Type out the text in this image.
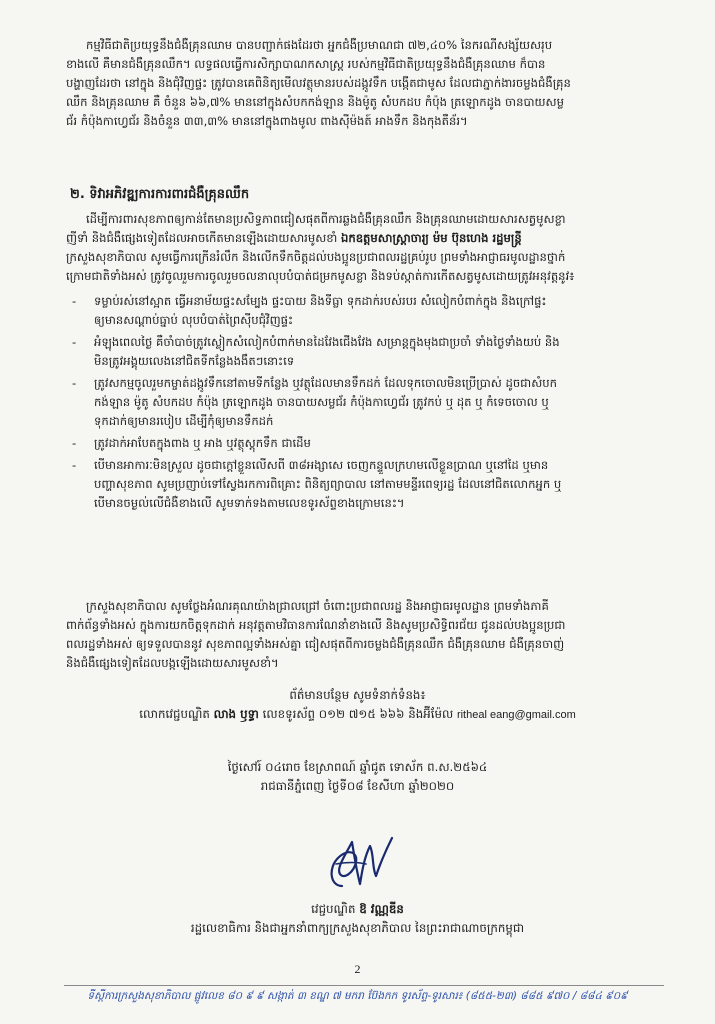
កម្មវិធីជាតិប្រយុទ្ធនឹងជំងឺគ្រុនឈាម បានបញ្ជាក់ផងដែរថា អ្នកជំងឺប្រមាណជា ៧២,៤០% នៃករណីសង្ស័យសរុប
ខាងលើ គឺមានជំងឺគ្រុនឈឹក។ លទ្ធផលធ្វើការសិក្សាបាណកសាស្ត្រ របស់កម្មវិធីជាតិប្រយុទ្ធនឹងជំងឺគ្រុនឈាម ក៏បាន
បង្ហាញដែរថា នៅក្នុង និងជុំវិញផ្ទះ ត្រូវបានគេពិនិត្យមើលវត្ថុមានរបស់ដង្កូវទឹក បង្កើតជាមូស ដែលជាភ្នាក់ងារចម្លងជំងឺគ្រុន
ឈឹក និងគ្រុនឈាម គឺ ចំនួន ៦៦,៧% មាននៅក្នុងសំបកកង់ឡាន និងម៉ូតូ សំបកដប កំប៉ុង ត្រឡោកដូង ចានបាយសម្ល
ជ័រ កំប៉ុងកាហ្វេជ័រ និងចំនួន ៣៣,៣% មាននៅក្នុងពាងមូល ពាងស៊ីម៉ងត៍ អាងទឹក និងកុងតឺន័រ។
២. ទិវាអភិវឌ្ឍការការពារជំងឺគ្រុនឈឹក
ដើម្បីការពារសុខភាពឲ្យកាន់តែមានប្រសិទ្ធភាពជៀសផុតពីការឆ្លងជំងឺគ្រុនឈឹក និងគ្រុនឈាមដោយសារសត្វមូសខ្លា
ញីទាំ និងជំងឺផ្សេងទៀតដែលអាចកើតមានឡើងដោយសារមូសខាំ ឯកឧត្តមសាស្ត្រាចារ្យ ម៉ម ប៊ុនហេង រដ្ឋមន្ត្រី
ក្រសួងសុខាភិបាល សូមធ្វើការក្រើនរំលឹក និងលើកទឹកចិត្តដល់បងប្អូនប្រជាពលរដ្ឋគ្រប់រូប ព្រមទាំងអាជ្ញាធរមូលដ្ឋានថ្នាក់
ក្រោមជាតិទាំងអស់ ត្រូវចូលរួមការចូលរួមចលនាលុបបំបាត់ជម្រកមូសខ្លា និងទប់ស្កាត់ការកើតសត្វមូសដោយត្រូវអនុវត្តនូវ៖
-	ទម្លាប់រស់នៅស្អាត ធ្វើអនាម័យផ្ទះសម្បែង ផ្ទះបាយ និងទីធ្លា ទុកដាក់របស់របរ សំលៀកបំពាក់ក្នុង និងក្រៅផ្ទះ
ឲ្យមានសណ្តាប់ធ្នាប់ លុបបំបាត់ព្រៃស៊ីបជុំវិញផ្ទះ
-	អំឡុងពេលថ្ងៃ គឺចាំបាច់ត្រូវស្លៀកសំលៀកបំពាក់មានដៃវែងជើងវែង សម្រាន្តក្នុងមុងជាប្រចាំ ទាំងថ្ងៃទាំងយប់ និង
មិនត្រូវអង្គុយលេងនៅជិតទីកន្លែងងងឹតៗនោះទេ
-	ត្រូវសកម្មចូលរួមកម្ចាត់ដង្កូវទឹកនៅតាមទីកន្លែង ឬវត្ថុដែលមានទឹកដក់ ដែលទុកចោលមិនប្រើប្រាស់ ដូចជាសំបក
កង់ឡាន ម៉ូតូ សំបកដប កំប៉ុង ត្រឡោកដូង ចានបាយសម្លជ័រ កំប៉ុងកាហ្វេជ័រ ត្រូវកប់ ឬ ដុត ឬ កំទេចចោល ឬ
ទុកដាក់ឲ្យមានរបៀប ដើម្បីកុំឲ្យមានទឹកដក់
-	ត្រូវដាក់អាបែតក្នុងពាង ឬ អាង ឬវត្ថុស្តុកទឹក ជាដើម
-	បើមានអាការៈមិនស្រួល ដូចជាក្តៅខ្លួនលើសពី ៣៨អង្សាសេ ចេញកន្ទួលក្រហមលើខ្លួនប្រាណ ឬនៅដៃ ឬមាន
បញ្ហាសុខភាព សូមប្រញាប់ទៅស្វែងរកការពិគ្រោះ ពិនិត្យព្យាបាល នៅតាមមន្ទីរពេទ្យរដ្ឋ ដែលនៅជិតលោកអ្នក ឬ
បើមានចម្ងល់លើជំងឺខាងលើ សូមទាក់ទងតាមលេខទូរស័ព្ទខាងក្រោមនេះ។
ក្រសួងសុខាភិបាល សូមថ្លែងអំណរគុណយ៉ាងជ្រាលជ្រៅ ចំពោះប្រជាពលរដ្ឋ និងអាជ្ញាធរមូលដ្ឋាន ព្រមទាំងភាគី
ពាក់ព័ន្ធទាំងអស់ ក្នុងការយកចិត្តទុកដាក់ អនុវត្តតាមវិធានការណែនាំខាងលើ និងសូមប្រសិទ្ធិពរជ័យ ជូនដល់បងប្អូនប្រជា
ពលរដ្ឋទាំងអស់ ឲ្យទទួលបាននូវ សុខភាពល្អទាំងអស់គ្នា ជៀសផុតពីការចម្លងជំងឺគ្រុនឈឹក ជំងឺគ្រុនឈាម ជំងឺគ្រុនចាញ់
និងជំងឺផ្សេងទៀតដែលបង្កឡើងដោយសារមូសខាំ។
ព័ត៌មានបន្ថែម សូមទំនាក់ទំនង៖
លោកវេជ្ជបណ្ឌិត លាង ឫទ្ធា លេខទូរស័ព្ទ ០១២ ៧១៥ ៦៦៦ និងអ៊ីម៉ែល ritheal eang@gmail.com
ថ្ងៃសៅរ៍ ០៤រោច ខែស្រាពណ៍ ឆ្នាំជូត ទោស័ក ព.ស.២៥៦៤
រាជធានីភ្នំពេញ ថ្ងៃទី០៨ ខែសីហា ឆ្នាំ២០២០
វេជ្ជបណ្ឌិត ឱ វណ្ណឌីន
រដ្ឋលេខាធិការ និងជាអ្នកនាំពាក្យក្រសួងសុខាភិបាល នៃព្រះរាជាណាចក្រកម្ពុជា
2
ទីស្តីការក្រសួងសុខាភិបាល ផ្លូវលេខ ៨០ ៩ ៩ សង្កាត់ ៣ ខណ្ឌ ៧ មករា ប៊ែងកក ទូរស័ព្ទ-ទូរសារ៖ (៨៥៥-២៣) ៨៨៥ ៩៧០ / ៨៨៤ ៩០៩
